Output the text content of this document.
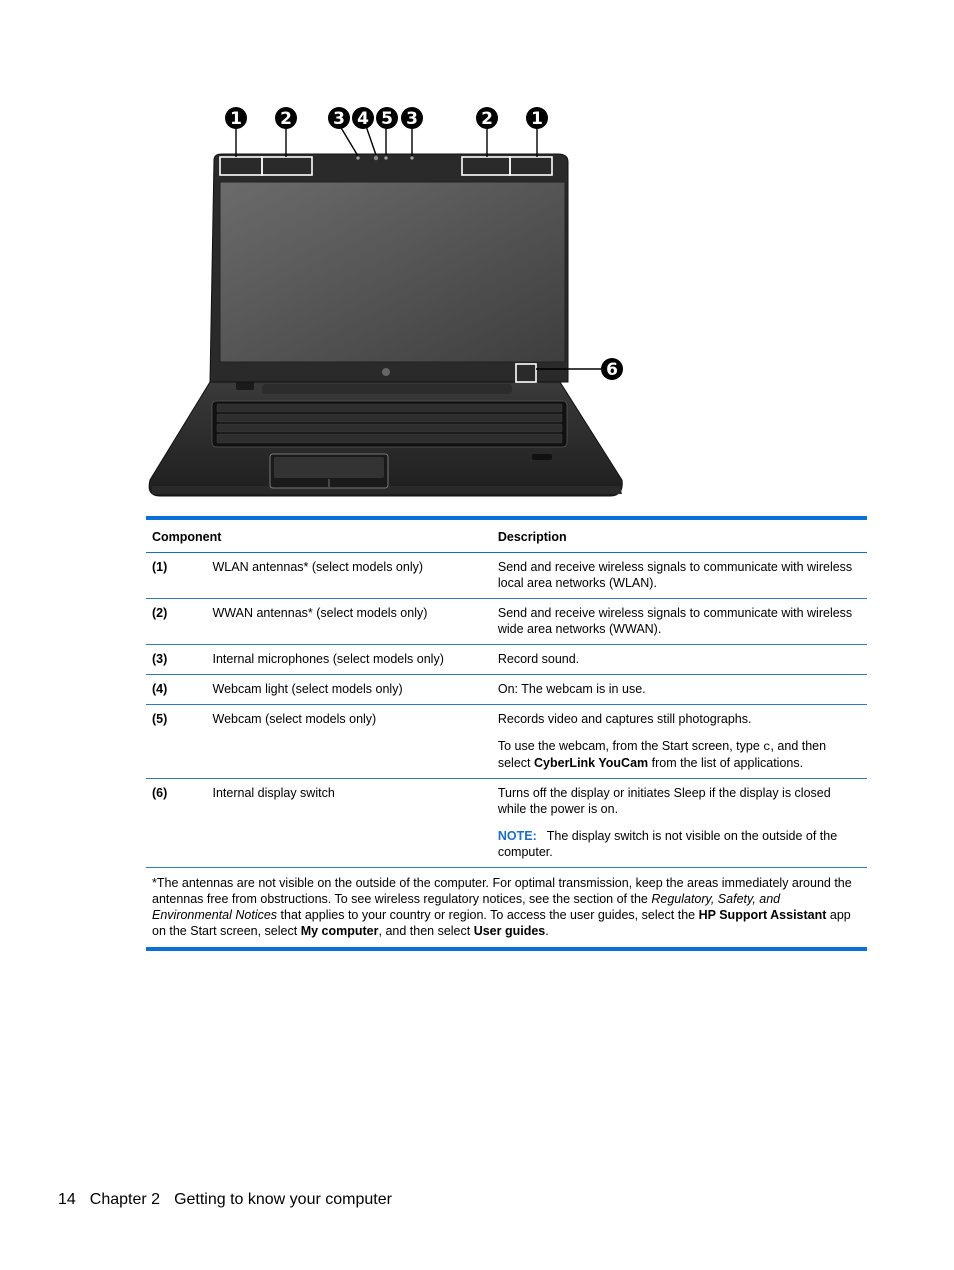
1 2 3 4 5 3	2 1
6
Component		Description
(1)	WLAN antennas* (select models only)	Send and receive wireless signals to communicate with wireless local area networks (WLAN).
(2)	WWAN antennas* (select models only)	Send and receive wireless signals to communicate with wireless wide area networks (WWAN).
(3)	Internal microphones (select models only)	Record sound.
(4)	Webcam light (select models only)	On: The webcam is in use.
(5)	Webcam (select models only)	Records video and captures still photographs.
To use the webcam, from the Start screen, type c, and then select CyberLink YouCam from the list of applications.

(6)	Internal display switch	Turns off the display or initiates Sleep if the display is closed while the power is on.
NOTE: The display switch is not visible on the outside of the computer.

*The antennas are not visible on the outside of the computer. For optimal transmission, keep the areas immediately around the antennas free from obstructions. To see wireless regulatory notices, see the section of the Regulatory, Safety, and Environmental Notices that applies to your country or region. To access the user guides, select the HP Support Assistant app on the Start screen, select My computer, and then select User guides.		
14 Chapter 2 Getting to know your computer
